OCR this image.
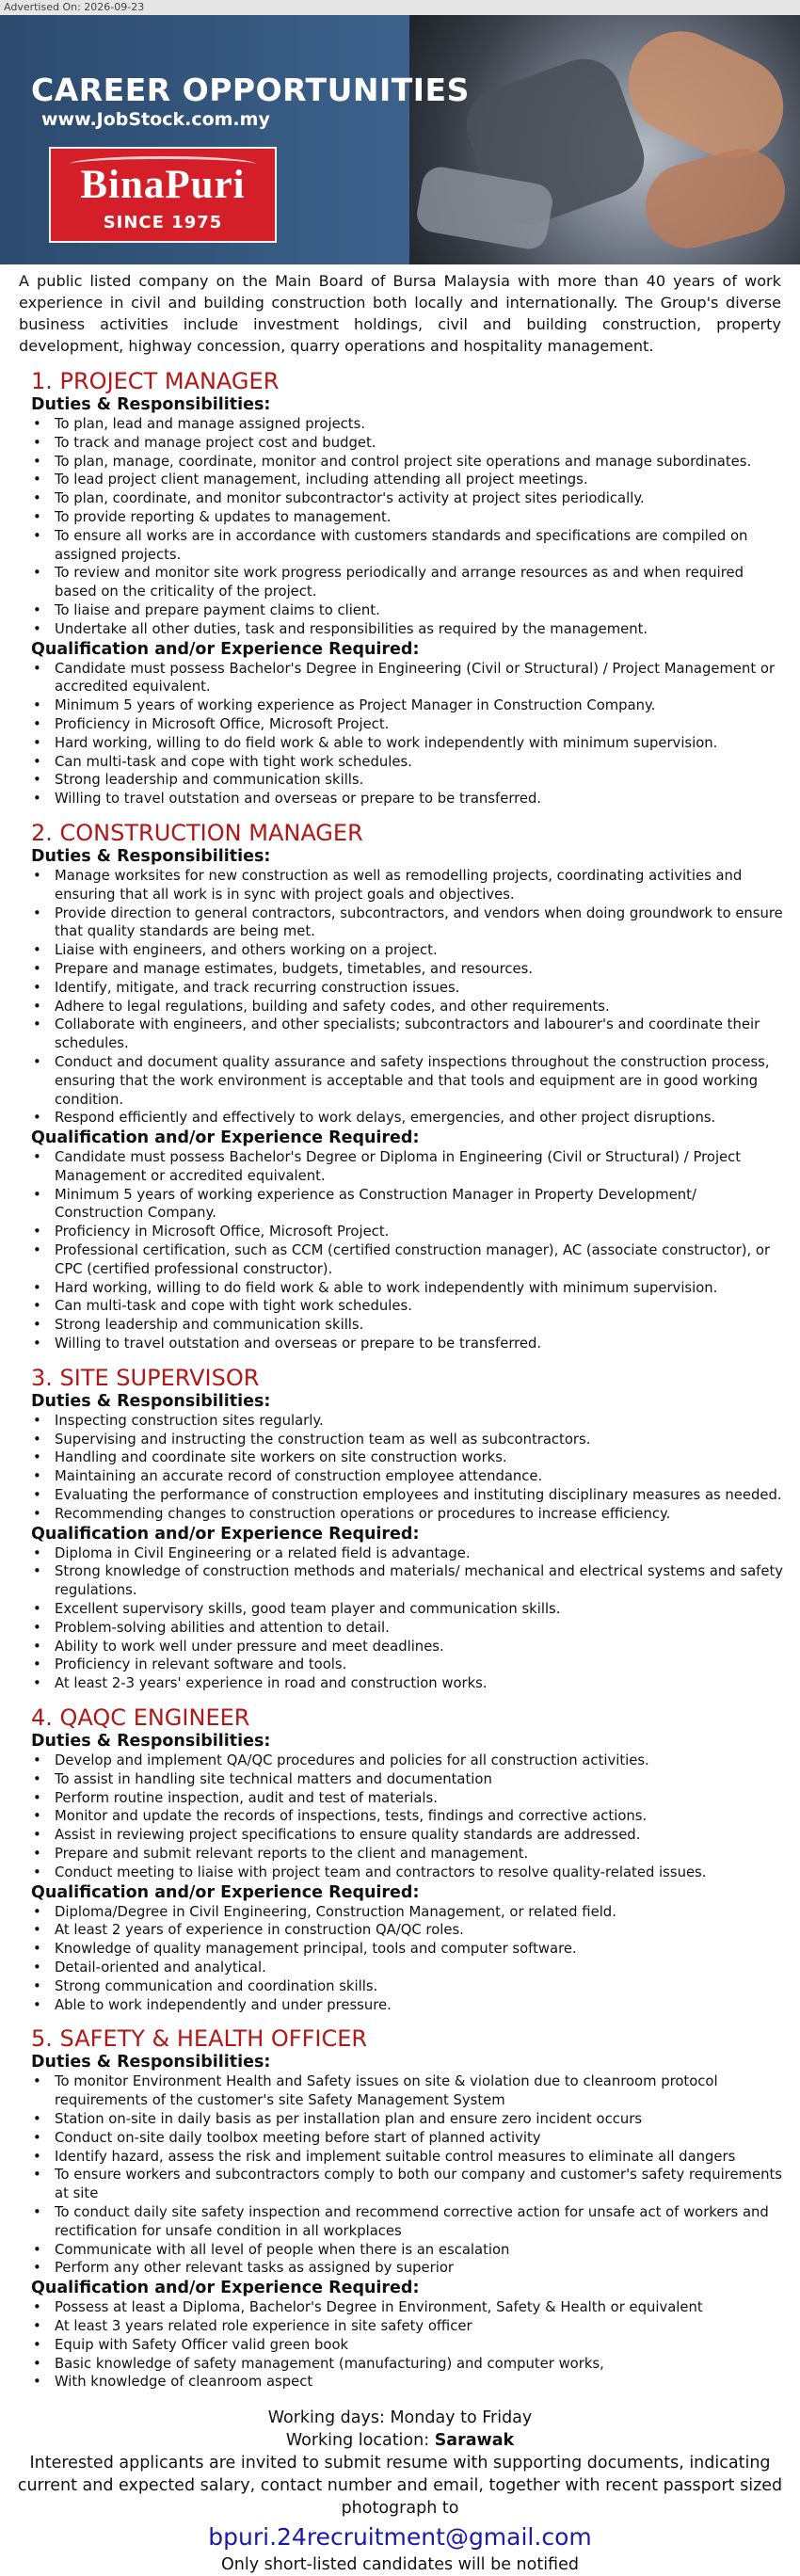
Advertised On: 2026-09-23
CAREER OPPORTUNITIES
www.JobStock.com.my
BinaPuri
SINCE 1975

A public listed company on the Main Board of Bursa Malaysia with more than 40 years of work experience in civil and building construction both locally and internationally. The Group's diverse business activities include investment holdings, civil and building construction, property development, highway concession, quarry operations and hospitality management.

1. PROJECT MANAGER
Duties & Responsibilities:
• To plan, lead and manage assigned projects.
• To track and manage project cost and budget.
• To plan, manage, coordinate, monitor and control project site operations and manage subordinates.
• To lead project client management, including attending all project meetings.
• To plan, coordinate, and monitor subcontractor's activity at project sites periodically.
• To provide reporting & updates to management.
• To ensure all works are in accordance with customers standards and specifications are compiled on assigned projects.
• To review and monitor site work progress periodically and arrange resources as and when required based on the criticality of the project.
• To liaise and prepare payment claims to client.
• Undertake all other duties, task and responsibilities as required by the management.
Qualification and/or Experience Required:
• Candidate must possess Bachelor's Degree in Engineering (Civil or Structural) / Project Management or accredited equivalent.
• Minimum 5 years of working experience as Project Manager in Construction Company.
• Proficiency in Microsoft Office, Microsoft Project.
• Hard working, willing to do field work & able to work independently with minimum supervision.
• Can multi-task and cope with tight work schedules.
• Strong leadership and communication skills.
• Willing to travel outstation and overseas or prepare to be transferred.
2. CONSTRUCTION MANAGER
Duties & Responsibilities:
• Manage worksites for new construction as well as remodelling projects, coordinating activities and ensuring that all work is in sync with project goals and objectives.
• Provide direction to general contractors, subcontractors, and vendors when doing groundwork to ensure that quality standards are being met.
• Liaise with engineers, and others working on a project.
• Prepare and manage estimates, budgets, timetables, and resources.
• Identify, mitigate, and track recurring construction issues.
• Adhere to legal regulations, building and safety codes, and other requirements.
• Collaborate with engineers, and other specialists; subcontractors and labourer's and coordinate their schedules.
• Conduct and document quality assurance and safety inspections throughout the construction process, ensuring that the work environment is acceptable and that tools and equipment are in good working condition.
• Respond efficiently and effectively to work delays, emergencies, and other project disruptions.
Qualification and/or Experience Required:
• Candidate must possess Bachelor's Degree or Diploma in Engineering (Civil or Structural) / Project Management or accredited equivalent.
• Minimum 5 years of working experience as Construction Manager in Property Development/ Construction Company.
• Proficiency in Microsoft Office, Microsoft Project.
• Professional certification, such as CCM (certified construction manager), AC (associate constructor), or CPC (certified professional constructor).
• Hard working, willing to do field work & able to work independently with minimum supervision.
• Can multi-task and cope with tight work schedules.
• Strong leadership and communication skills.
• Willing to travel outstation and overseas or prepare to be transferred.
3. SITE SUPERVISOR
Duties & Responsibilities:
• Inspecting construction sites regularly.
• Supervising and instructing the construction team as well as subcontractors.
• Handling and coordinate site workers on site construction works.
• Maintaining an accurate record of construction employee attendance.
• Evaluating the performance of construction employees and instituting disciplinary measures as needed.
• Recommending changes to construction operations or procedures to increase efficiency.
Qualification and/or Experience Required:
• Diploma in Civil Engineering or a related field is advantage.
• Strong knowledge of construction methods and materials/ mechanical and electrical systems and safety regulations.
• Excellent supervisory skills, good team player and communication skills.
• Problem-solving abilities and attention to detail.
• Ability to work well under pressure and meet deadlines.
• Proficiency in relevant software and tools.
• At least 2-3 years' experience in road and construction works.
4. QAQC ENGINEER
Duties & Responsibilities:
• Develop and implement QA/QC procedures and policies for all construction activities.
• To assist in handling site technical matters and documentation
• Perform routine inspection, audit and test of materials.
• Monitor and update the records of inspections, tests, findings and corrective actions.
• Assist in reviewing project specifications to ensure quality standards are addressed.
• Prepare and submit relevant reports to the client and management.
• Conduct meeting to liaise with project team and contractors to resolve quality-related issues.
Qualification and/or Experience Required:
• Diploma/Degree in Civil Engineering, Construction Management, or related field.
• At least 2 years of experience in construction QA/QC roles.
• Knowledge of quality management principal, tools and computer software.
• Detail-oriented and analytical.
• Strong communication and coordination skills.
• Able to work independently and under pressure.
5. SAFETY & HEALTH OFFICER
Duties & Responsibilities:
• To monitor Environment Health and Safety issues on site & violation due to cleanroom protocol requirements of the customer's site Safety Management System
• Station on-site in daily basis as per installation plan and ensure zero incident occurs
• Conduct on-site daily toolbox meeting before start of planned activity
• Identify hazard, assess the risk and implement suitable control measures to eliminate all dangers
• To ensure workers and subcontractors comply to both our company and customer's safety requirements at site
• To conduct daily site safety inspection and recommend corrective action for unsafe act of workers and rectification for unsafe condition in all workplaces
• Communicate with all level of people when there is an escalation
• Perform any other relevant tasks as assigned by superior
Qualification and/or Experience Required:
• Possess at least a Diploma, Bachelor's Degree in Environment, Safety & Health or equivalent
• At least 3 years related role experience in site safety officer
• Equip with Safety Officer valid green book
• Basic knowledge of safety management (manufacturing) and computer works,
• With knowledge of cleanroom aspect
Working days: Monday to Friday
Working location: Sarawak
Interested applicants are invited to submit resume with supporting documents, indicating current and expected salary, contact number and email, together with recent passport sized photograph to
bpuri.24recruitment@gmail.com
Only short-listed candidates will be notified
